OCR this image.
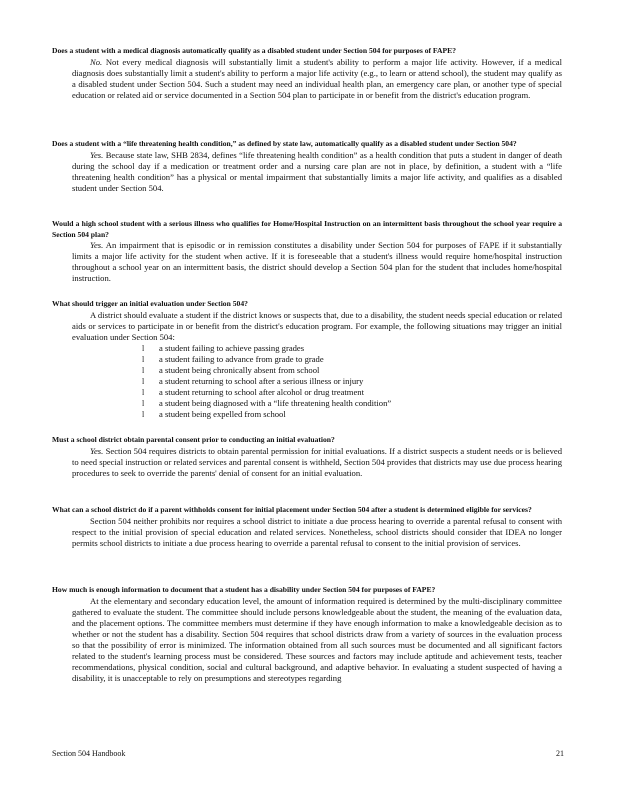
Does a student with a medical diagnosis automatically qualify as a disabled student under Section 504 for purposes of FAPE?
No. Not every medical diagnosis will substantially limit a student's ability to perform a major life activity. However, if a medical diagnosis does substantially limit a student's ability to perform a major life activity (e.g., to learn or attend school), the student may qualify as a disabled student under Section 504. Such a student may need an individual health plan, an emergency care plan, or another type of special education or related aid or service documented in a Section 504 plan to participate in or benefit from the district's education program.
Does a student with a “life threatening health condition,” as defined by state law, automatically qualify as a disabled student under Section 504?
Yes. Because state law, SHB 2834, defines “life threatening health condition” as a health condition that puts a student in danger of death during the school day if a medication or treatment order and a nursing care plan are not in place, by definition, a student with a “life threatening health condition” has a physical or mental impairment that substantially limits a major life activity, and qualifies as a disabled student under Section 504.
Would a high school student with a serious illness who qualifies for Home/Hospital Instruction on an intermittent basis throughout the school year require a Section 504 plan?
Yes. An impairment that is episodic or in remission constitutes a disability under Section 504 for purposes of FAPE if it substantially limits a major life activity for the student when active. If it is foreseeable that a student's illness would require home/hospital instruction throughout a school year on an intermittent basis, the district should develop a Section 504 plan for the student that includes home/hospital instruction.
What should trigger an initial evaluation under Section 504?
A district should evaluate a student if the district knows or suspects that, due to a disability, the student needs special education or related aids or services to participate in or benefit from the district's education program. For example, the following situations may trigger an initial evaluation under Section 504:
l a student failing to achieve passing grades
l a student failing to advance from grade to grade
l a student being chronically absent from school
l a student returning to school after a serious illness or injury
l a student returning to school after alcohol or drug treatment
l a student being diagnosed with a “life threatening health condition”
l a student being expelled from school
Must a school district obtain parental consent prior to conducting an initial evaluation?
Yes. Section 504 requires districts to obtain parental permission for initial evaluations. If a district suspects a student needs or is believed to need special instruction or related services and parental consent is withheld, Section 504 provides that districts may use due process hearing procedures to seek to override the parents' denial of consent for an initial evaluation.
What can a school district do if a parent withholds consent for initial placement under Section 504 after a student is determined eligible for services?
Section 504 neither prohibits nor requires a school district to initiate a due process hearing to override a parental refusal to consent with respect to the initial provision of special education and related services. Nonetheless, school districts should consider that IDEA no longer permits school districts to initiate a due process hearing to override a parental refusal to consent to the initial provision of services.
How much is enough information to document that a student has a disability under Section 504 for purposes of FAPE?
At the elementary and secondary education level, the amount of information required is determined by the multi-disciplinary committee gathered to evaluate the student. The committee should include persons knowledgeable about the student, the meaning of the evaluation data, and the placement options. The committee members must determine if they have enough information to make a knowledgeable decision as to whether or not the student has a disability. Section 504 requires that school districts draw from a variety of sources in the evaluation process so that the possibility of error is minimized. The information obtained from all such sources must be documented and all significant factors related to the student's learning process must be considered. These sources and factors may include aptitude and achievement tests, teacher recommendations, physical condition, social and cultural background, and adaptive behavior. In evaluating a student suspected of having a disability, it is unacceptable to rely on presumptions and stereotypes regarding
Section 504 Handbook	21
